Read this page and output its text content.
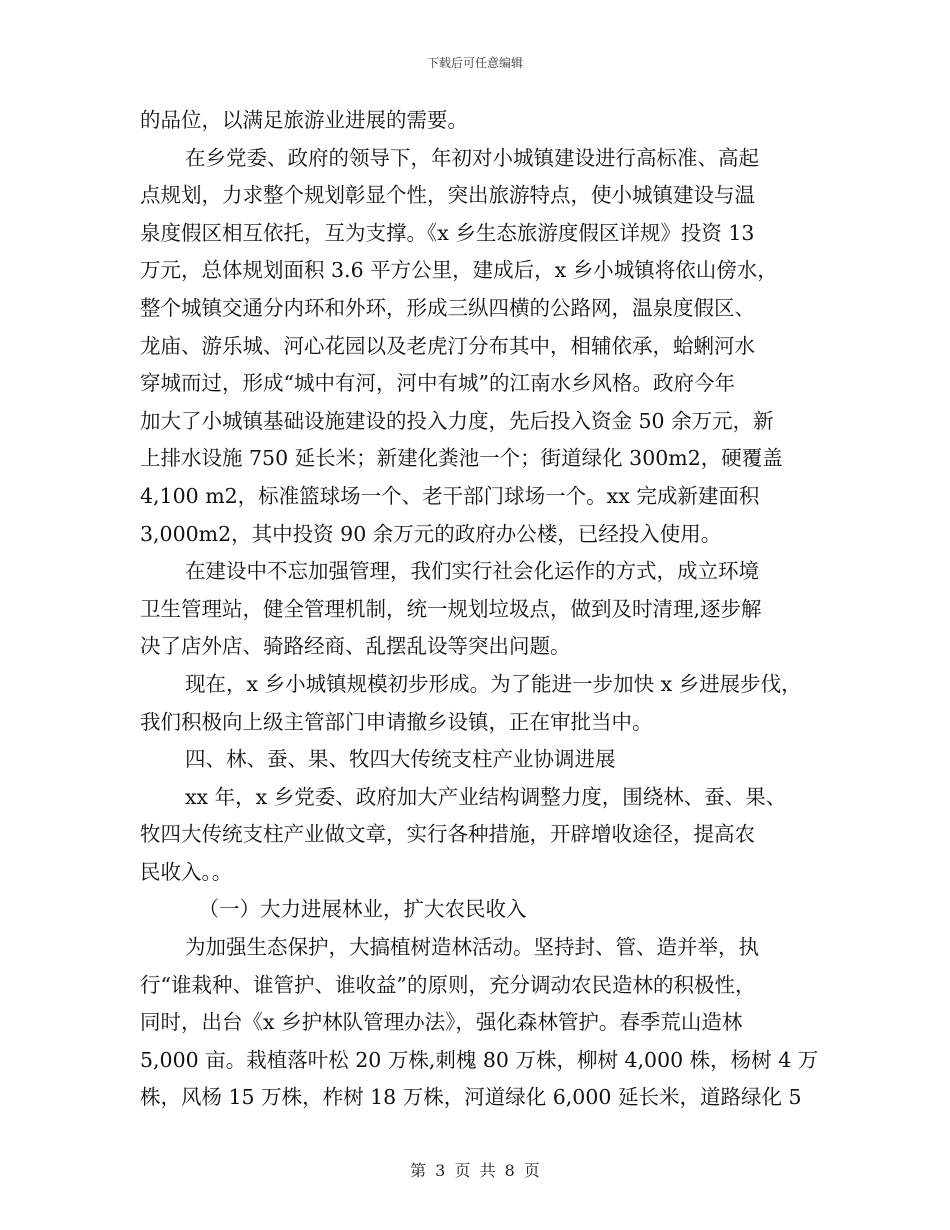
下载后可任意编辑
的品位，以满足旅游业进展的需要。
在乡党委、政府的领导下，年初对小城镇建设进行高标准、高起
点规划，力求整个规划彰显个性，突出旅游特点，使小城镇建设与温
泉度假区相互依托，互为支撑。《x 乡生态旅游度假区详规》投资 13
万元，总体规划面积 3.6 平方公里，建成后，x 乡小城镇将依山傍水，
整个城镇交通分内环和外环，形成三纵四横的公路网，温泉度假区、
龙庙、游乐城、河心花园以及老虎汀分布其中，相辅依承，蛤蜊河水
穿城而过，形成“城中有河，河中有城”的江南水乡风格。政府今年
加大了小城镇基础设施建设的投入力度，先后投入资金 50 余万元，新
上排水设施 750 延长米；新建化粪池一个；街道绿化 300m2，硬覆盖
4,100 m2，标准篮球场一个、老干部门球场一个。xx 完成新建面积
3,000m2，其中投资 90 余万元的政府办公楼，已经投入使用。
在建设中不忘加强管理，我们实行社会化运作的方式，成立环境
卫生管理站，健全管理机制，统一规划垃圾点，做到及时清理,逐步解
决了店外店、骑路经商、乱摆乱设等突出问题。
现在，x 乡小城镇规模初步形成。为了能进一步加快 x 乡进展步伐，
我们积极向上级主管部门申请撤乡设镇，正在审批当中。
四、林、蚕、果、牧四大传统支柱产业协调进展
xx 年，x 乡党委、政府加大产业结构调整力度，围绕林、蚕、果、
牧四大传统支柱产业做文章，实行各种措施，开辟增收途径，提高农
民收入。。
（一）大力进展林业，扩大农民收入
为加强生态保护，大搞植树造林活动。坚持封、管、造并举，执
行“谁栽种、谁管护、谁收益”的原则，充分调动农民造林的积极性，
同时，出台《x 乡护林队管理办法》，强化森林管护。春季荒山造林
5,000 亩。栽植落叶松 20 万株,刺槐 80 万株，柳树 4,000 株，杨树 4 万
株，风杨 15 万株，柞树 18 万株，河道绿化 6,000 延长米，道路绿化 5
第 3 页 共 8 页
